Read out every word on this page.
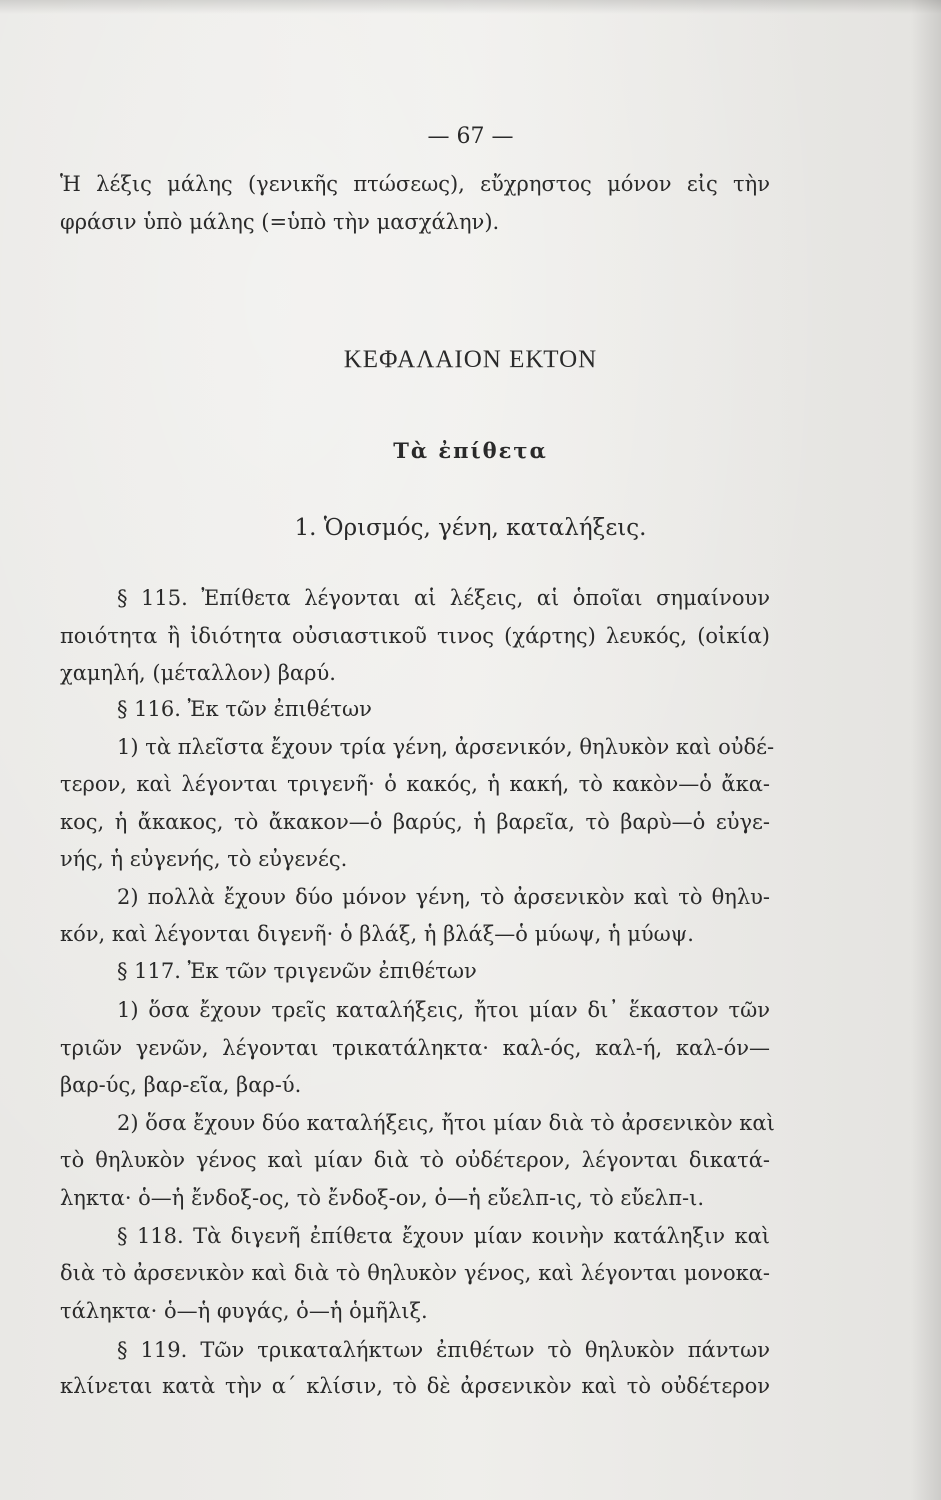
— 67 —
Ἡ λέξις μάλης (γενικῆς πτώσεως), εὔχρηστος μόνον εἰς τὴν
φράσιν ὑπὸ μάλης (=ὑπὸ τὴν μασχάλην).
ΚΕΦΑΛΑΙΟΝ ΕΚΤΟΝ
Τὰ ἐπίθετα
1. Ὁρισμός, γένη, καταλήξεις.
§ 115. Ἐπίθετα λέγονται αἱ λέξεις, αἱ ὁποῖαι σημαίνουν
ποιότητα ἢ ἰδιότητα οὐσιαστικοῦ τινος (χάρτης) λευκός, (οἰκία)
χαμηλή, (μέταλλον) βαρύ.
§ 116. Ἐκ τῶν ἐπιθέτων
1) τὰ πλεῖστα ἔχουν τρία γένη, ἀρσενικόν, θηλυκὸν καὶ οὐδέ-
τερον, καὶ λέγονται τριγενῆ· ὁ κακός, ἡ κακή, τὸ κακὸν—ὁ ἄκα-
κος, ἡ ἄκακος, τὸ ἄκακον—ὁ βαρύς, ἡ βαρεῖα, τὸ βαρὺ—ὁ εὐγε-
νής, ἡ εὐγενής, τὸ εὐγενές.
2) πολλὰ ἔχουν δύο μόνον γένη, τὸ ἀρσενικὸν καὶ τὸ θηλυ-
κόν, καὶ λέγονται διγενῆ· ὁ βλάξ, ἡ βλάξ—ὁ μύωψ, ἡ μύωψ.
§ 117. Ἐκ τῶν τριγενῶν ἐπιθέτων
1) ὅσα ἔχουν τρεῖς καταλήξεις, ἤτοι μίαν δι᾽ ἕκαστον τῶν
τριῶν γενῶν, λέγονται τρικατάληκτα· καλ-ός, καλ-ή, καλ-όν—
βαρ-ύς, βαρ-εῖα, βαρ-ύ.
2) ὅσα ἔχουν δύο καταλήξεις, ἤτοι μίαν διὰ τὸ ἀρσενικὸν καὶ
τὸ θηλυκὸν γένος καὶ μίαν διὰ τὸ οὐδέτερον, λέγονται δικατά-
ληκτα· ὁ—ἡ ἔνδοξ-ος, τὸ ἔνδοξ-ον, ὁ—ἡ εὔελπ-ις, τὸ εὔελπ-ι.
§ 118. Τὰ διγενῆ ἐπίθετα ἔχουν μίαν κοινὴν κατάληξιν καὶ
διὰ τὸ ἀρσενικὸν καὶ διὰ τὸ θηλυκὸν γένος, καὶ λέγονται μονοκα-
τάληκτα· ὁ—ἡ φυγάς, ὁ—ἡ ὁμῆλιξ.
§ 119. Τῶν τρικαταλήκτων ἐπιθέτων τὸ θηλυκὸν πάντων
κλίνεται κατὰ τὴν α΄ κλίσιν, τὸ δὲ ἀρσενικὸν καὶ τὸ οὐδέτερον
